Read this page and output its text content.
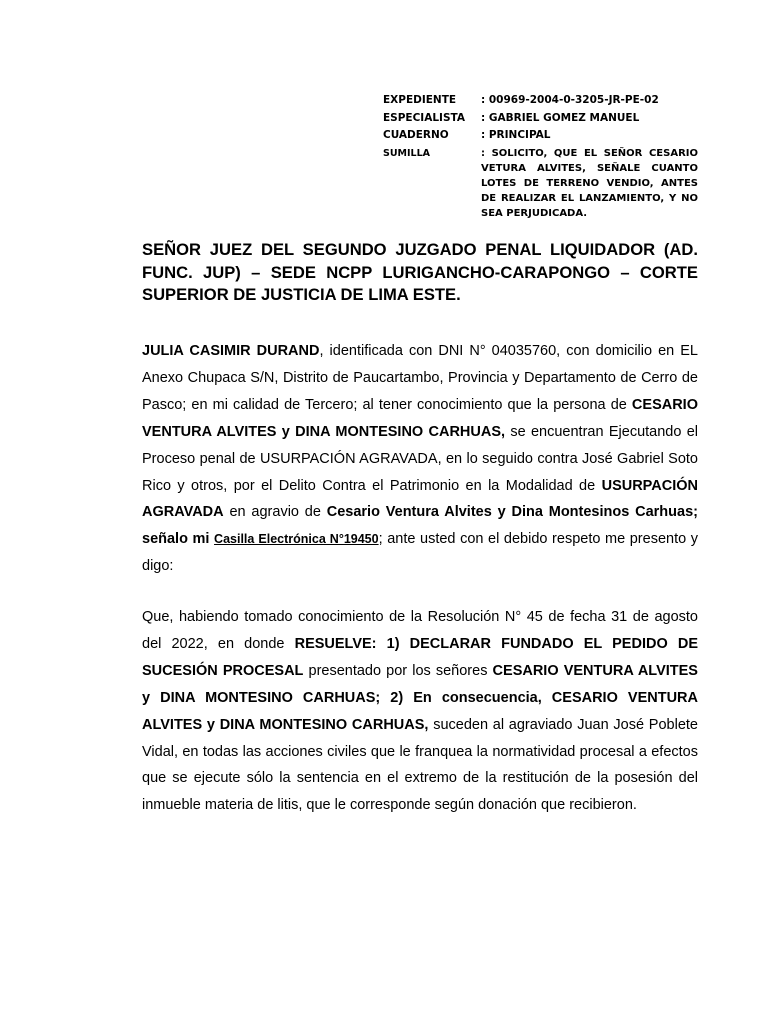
EXPEDIENTE	: 00969-2004-0-3205-JR-PE-02
ESPECIALISTA	: GABRIEL GOMEZ MANUEL
CUADERNO	: PRINCIPAL
SUMILLA	: SOLICITO, QUE EL SEÑOR CESARIO VETURA ALVITES, SEÑALE CUANTO LOTES DE TERRENO VENDIO, ANTES DE REALIZAR EL LANZAMIENTO, Y NO SEA PERJUDICADA.

SEÑOR JUEZ DEL SEGUNDO JUZGADO PENAL LIQUIDADOR (AD. FUNC. JUP) – SEDE NCPP LURIGANCHO-CARAPONGO – CORTE SUPERIOR DE JUSTICIA DE LIMA ESTE.

JULIA CASIMIR DURAND, identificada con DNI N° 04035760, con domicilio en EL Anexo Chupaca S/N, Distrito de Paucartambo, Provincia y Departamento de Cerro de Pasco; en mi calidad de Tercero; al tener conocimiento que la persona de CESARIO VENTURA ALVITES y DINA MONTESINO CARHUAS, se encuentran Ejecutando el Proceso penal de USURPACIÓN AGRAVADA, en lo seguido contra José Gabriel Soto Rico y otros, por el Delito Contra el Patrimonio en la Modalidad de USURPACIÓN AGRAVADA en agravio de Cesario Ventura Alvites y Dina Montesinos Carhuas; señalo mi Casilla Electrónica N°19450; ante usted con el debido respeto me presento y digo:

Que, habiendo tomado conocimiento de la Resolución N° 45 de fecha 31 de agosto del 2022, en donde RESUELVE: 1) DECLARAR FUNDADO EL PEDIDO DE SUCESIÓN PROCESAL presentado por los señores CESARIO VENTURA ALVITES y DINA MONTESINO CARHUAS; 2) En consecuencia, CESARIO VENTURA ALVITES y DINA MONTESINO CARHUAS, suceden al agraviado Juan José Poblete Vidal, en todas las acciones civiles que le franquea la normatividad procesal a efectos que se ejecute sólo la sentencia en el extremo de la restitución de la posesión del inmueble materia de litis, que le corresponde según donación que recibieron.
